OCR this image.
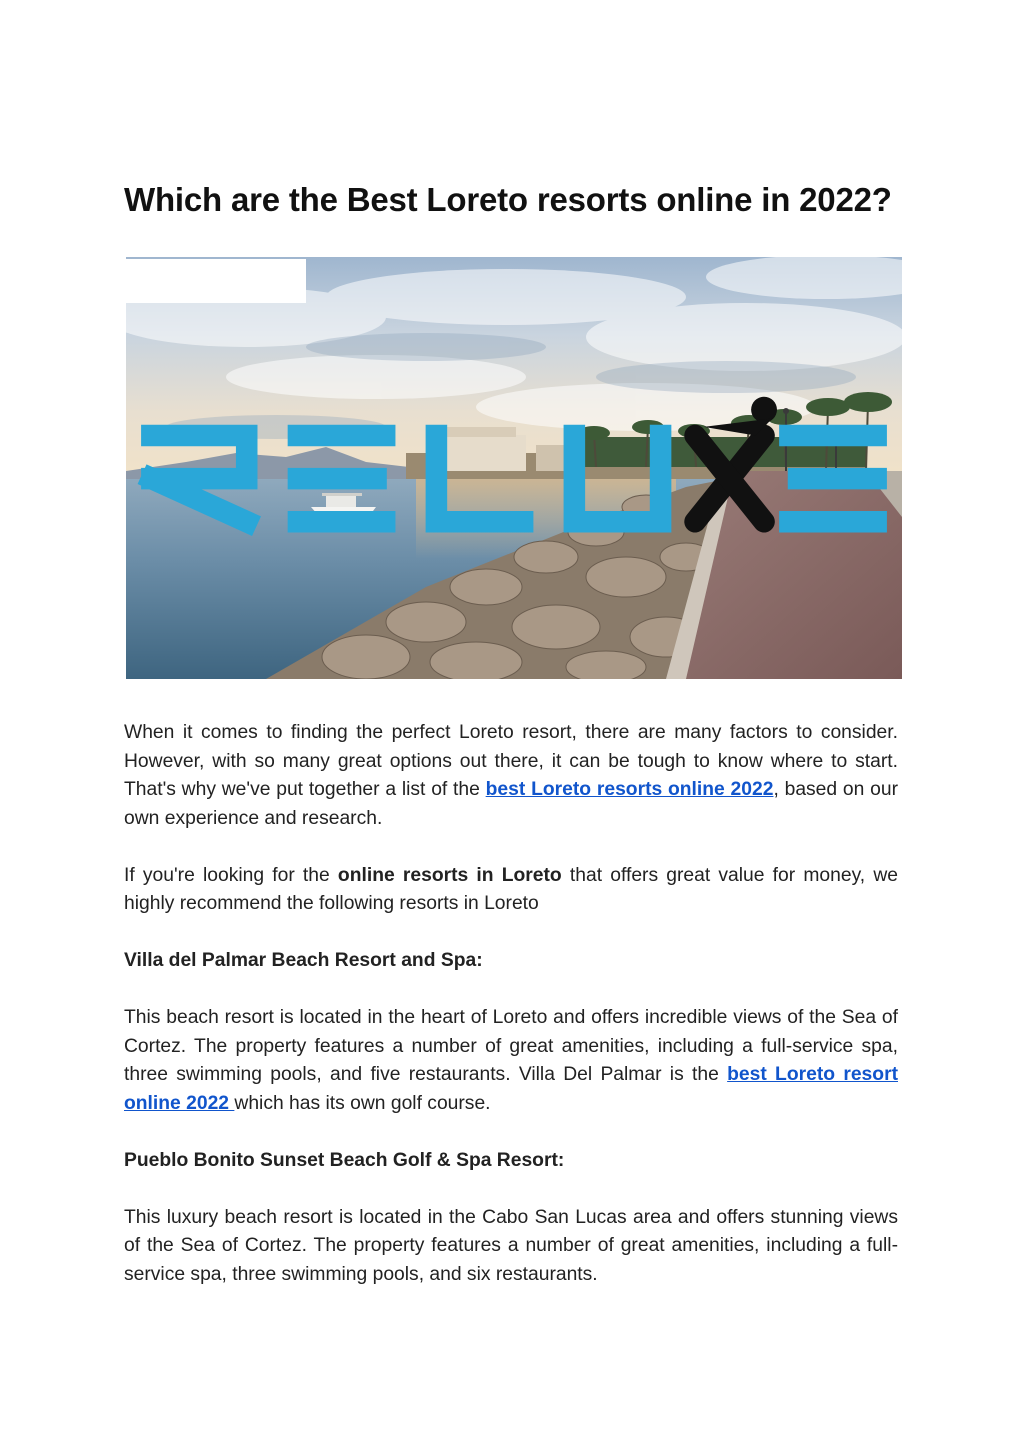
Which are the Best Loreto resorts online in 2022?

When it comes to finding the perfect Loreto resort, there are many factors to consider. However, with so many great options out there, it can be tough to know where to start. That's why we've put together a list of the best Loreto resorts online 2022, based on our own experience and research.

If you're looking for the online resorts in Loreto that offers great value for money, we highly recommend the following resorts in Loreto

Villa del Palmar Beach Resort and Spa:

This beach resort is located in the heart of Loreto and offers incredible views of the Sea of Cortez. The property features a number of great amenities, including a full-service spa, three swimming pools, and five restaurants. Villa Del Palmar is the best Loreto resort online 2022 which has its own golf course.

Pueblo Bonito Sunset Beach Golf & Spa Resort:

This luxury beach resort is located in the Cabo San Lucas area and offers stunning views of the Sea of Cortez. The property features a number of great amenities, including a full-service spa, three swimming pools, and six restaurants.
